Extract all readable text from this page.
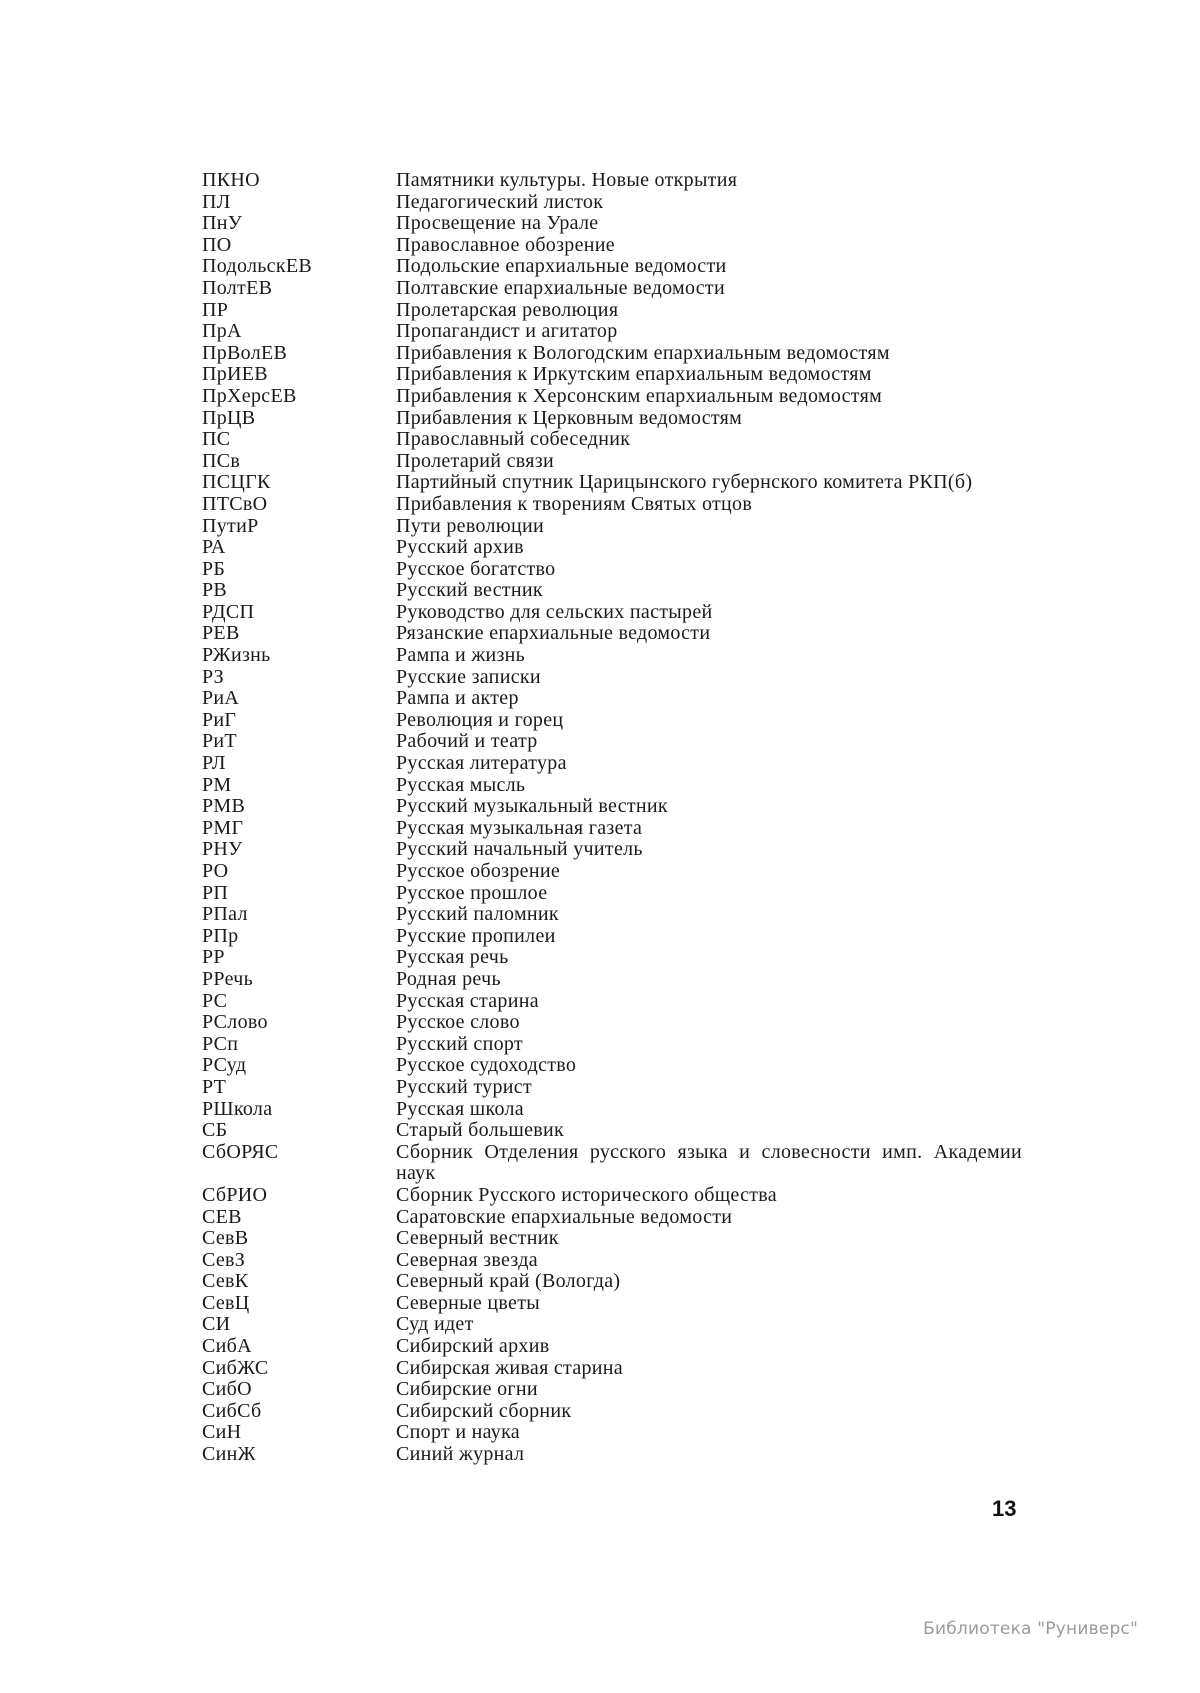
ПКНО	Памятники культуры. Новые открытия
ПЛ	Педагогический листок
ПнУ	Просвещение на Урале
ПО	Православное обозрение
ПодольскЕВ	Подольские епархиальные ведомости
ПолтЕВ	Полтавские епархиальные ведомости
ПР	Пролетарская революция
ПрА	Пропагандист и агитатор
ПрВолЕВ	Прибавления к Вологодским епархиальным ведомостям
ПрИЕВ	Прибавления к Иркутским епархиальным ведомостям
ПрХерсЕВ	Прибавления к Херсонским епархиальным ведомостям
ПрЦВ	Прибавления к Церковным ведомостям
ПС	Православный собеседник
ПСв	Пролетарий связи
ПСЦГК	Партийный спутник Царицынского губернского комитета РКП(б)
ПТСвО	Прибавления к творениям Святых отцов
ПутиР	Пути революции
РА	Русский архив
РБ	Русское богатство
РВ	Русский вестник
РДСП	Руководство для сельских пастырей
РЕВ	Рязанские епархиальные ведомости
РЖизнь	Рампа и жизнь
РЗ	Русские записки
РиА	Рампа и актер
РиГ	Революция и горец
РиТ	Рабочий и театр
РЛ	Русская литература
РМ	Русская мысль
РМВ	Русский музыкальный вестник
РМГ	Русская музыкальная газета
РНУ	Русский начальный учитель
РО	Русское обозрение
РП	Русское прошлое
РПал	Русский паломник
РПр	Русские пропилеи
РР	Русская речь
РРечь	Родная речь
РС	Русская старина
РСлово	Русское слово
РСп	Русский спорт
РСуд	Русское судоходство
РТ	Русский турист
РШкола	Русская школа
СБ	Старый большевик
СбОРЯС	Сборник Отделения русского языка и словесности имп. Академии наук
СбРИО	Сборник Русского исторического общества
СЕВ	Саратовские епархиальные ведомости
СевВ	Северный вестник
СевЗ	Северная звезда
СевК	Северный край (Вологда)
СевЦ	Северные цветы
СИ	Суд идет
СибА	Сибирский архив
СибЖС	Сибирская живая старина
СибО	Сибирские огни
СибСб	Сибирский сборник
СиН	Спорт и наука
СинЖ	Синий журнал
13
Библиотека "Руниверс"
